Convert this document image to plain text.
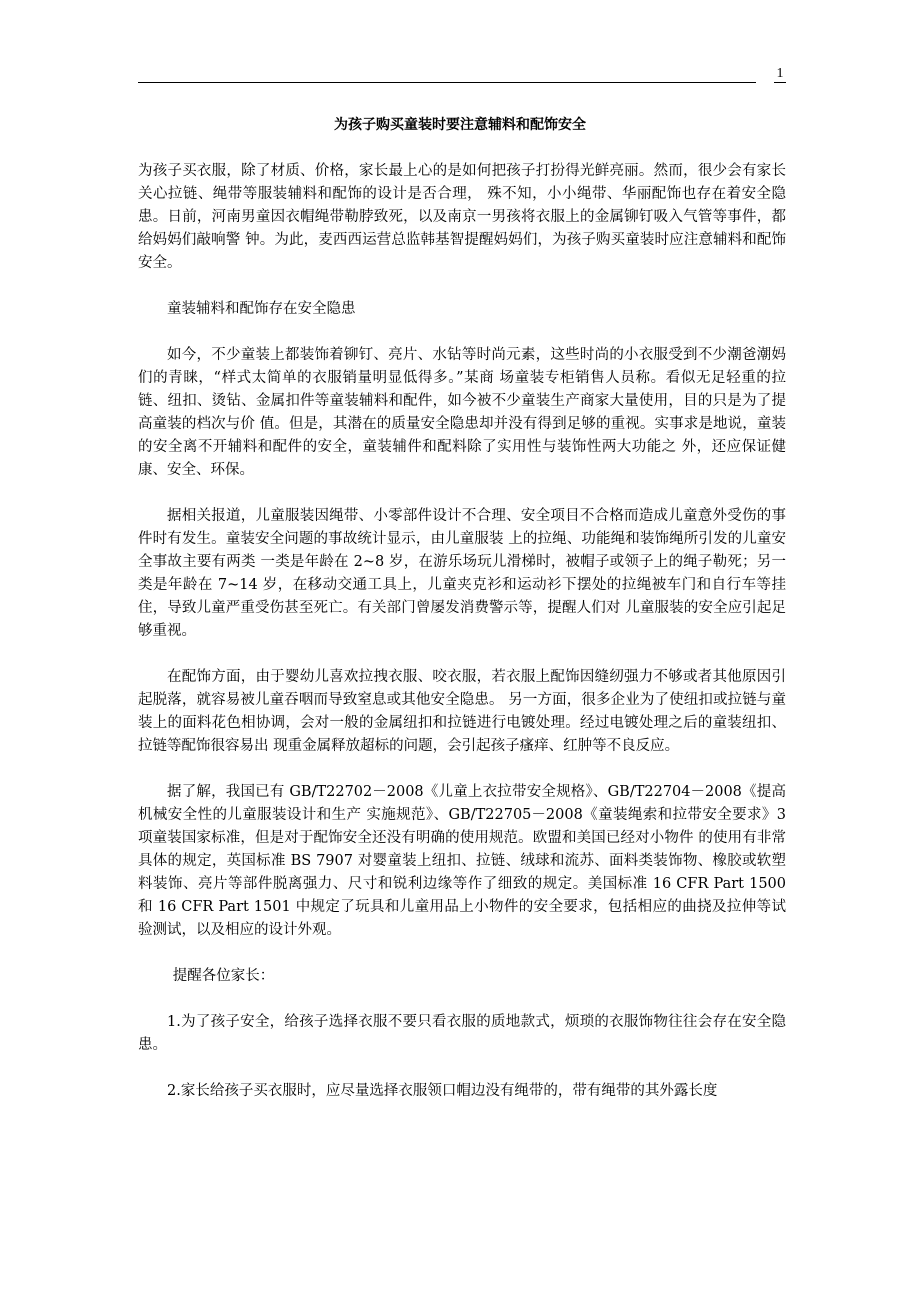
1
为孩子购买童装时要注意辅料和配饰安全

为孩子买衣服，除了材质、价格，家长最上心的是如何把孩子打扮得光鲜亮丽。然而，很少会有家长关心拉链、绳带等服装辅料和配饰的设计是否合理， 殊不知，小小绳带、华丽配饰也存在着安全隐患。日前，河南男童因衣帽绳带勒脖致死，以及南京一男孩将衣服上的金属铆钉吸入气管等事件，都给妈妈们敲响警 钟。为此，麦西西运营总监韩基智提醒妈妈们，为孩子购买童装时应注意辅料和配饰安全。

童装辅料和配饰存在安全隐患

如今，不少童装上都装饰着铆钉、亮片、水钻等时尚元素，这些时尚的小衣服受到不少潮爸潮妈们的青睐，“样式太简单的衣服销量明显低得多。”某商 场童装专柜销售人员称。看似无足轻重的拉链、纽扣、烫钻、金属扣件等童装辅料和配件，如今被不少童装生产商家大量使用，目的只是为了提高童装的档次与价 值。但是，其潜在的质量安全隐患却并没有得到足够的重视。实事求是地说，童装的安全离不开辅料和配件的安全，童装辅件和配料除了实用性与装饰性两大功能之 外，还应保证健康、安全、环保。

据相关报道，儿童服装因绳带、小零部件设计不合理、安全项目不合格而造成儿童意外受伤的事件时有发生。童装安全问题的事故统计显示，由儿童服装 上的拉绳、功能绳和装饰绳所引发的儿童安全事故主要有两类 一类是年龄在 2~8 岁，在游乐场玩儿滑梯时，被帽子或领子上的绳子勒死；另一类是年龄在 7~14 岁，在移动交通工具上，儿童夹克衫和运动衫下摆处的拉绳被车门和自行车等挂住，导致儿童严重受伤甚至死亡。有关部门曾屡发消费警示等，提醒人们对 儿童服装的安全应引起足够重视。

在配饰方面，由于婴幼儿喜欢拉拽衣服、咬衣服，若衣服上配饰因缝纫强力不够或者其他原因引起脱落，就容易被儿童吞咽而导致窒息或其他安全隐患。 另一方面，很多企业为了使纽扣或拉链与童装上的面料花色相协调，会对一般的金属纽扣和拉链进行电镀处理。经过电镀处理之后的童装纽扣、拉链等配饰很容易出 现重金属释放超标的问题，会引起孩子瘙痒、红肿等不良反应。

据了解，我国已有 GB/T22702－2008《儿童上衣拉带安全规格》、GB/T22704－2008《提高机械安全性的儿童服装设计和生产 实施规范》、GB/T22705－2008《童装绳索和拉带安全要求》3 项童装国家标准，但是对于配饰安全还没有明确的使用规范。欧盟和美国已经对小物件 的使用有非常具体的规定，英国标准 BS 7907 对婴童装上纽扣、拉链、绒球和流苏、面料类装饰物、橡胶或软塑料装饰、亮片等部件脱离强力、尺寸和锐利边缘等作了细致的规定。美国标准 16 CFR Part 1500 和 16 CFR Part 1501 中规定了玩具和儿童用品上小物件的安全要求，包括相应的曲挠及拉伸等试验测试，以及相应的设计外观。

提醒各位家长：

1.为了孩子安全，给孩子选择衣服不要只看衣服的质地款式，烦琐的衣服饰物往往会存在安全隐患。

2.家长给孩子买衣服时，应尽量选择衣服领口帽边没有绳带的，带有绳带的其外露长度
